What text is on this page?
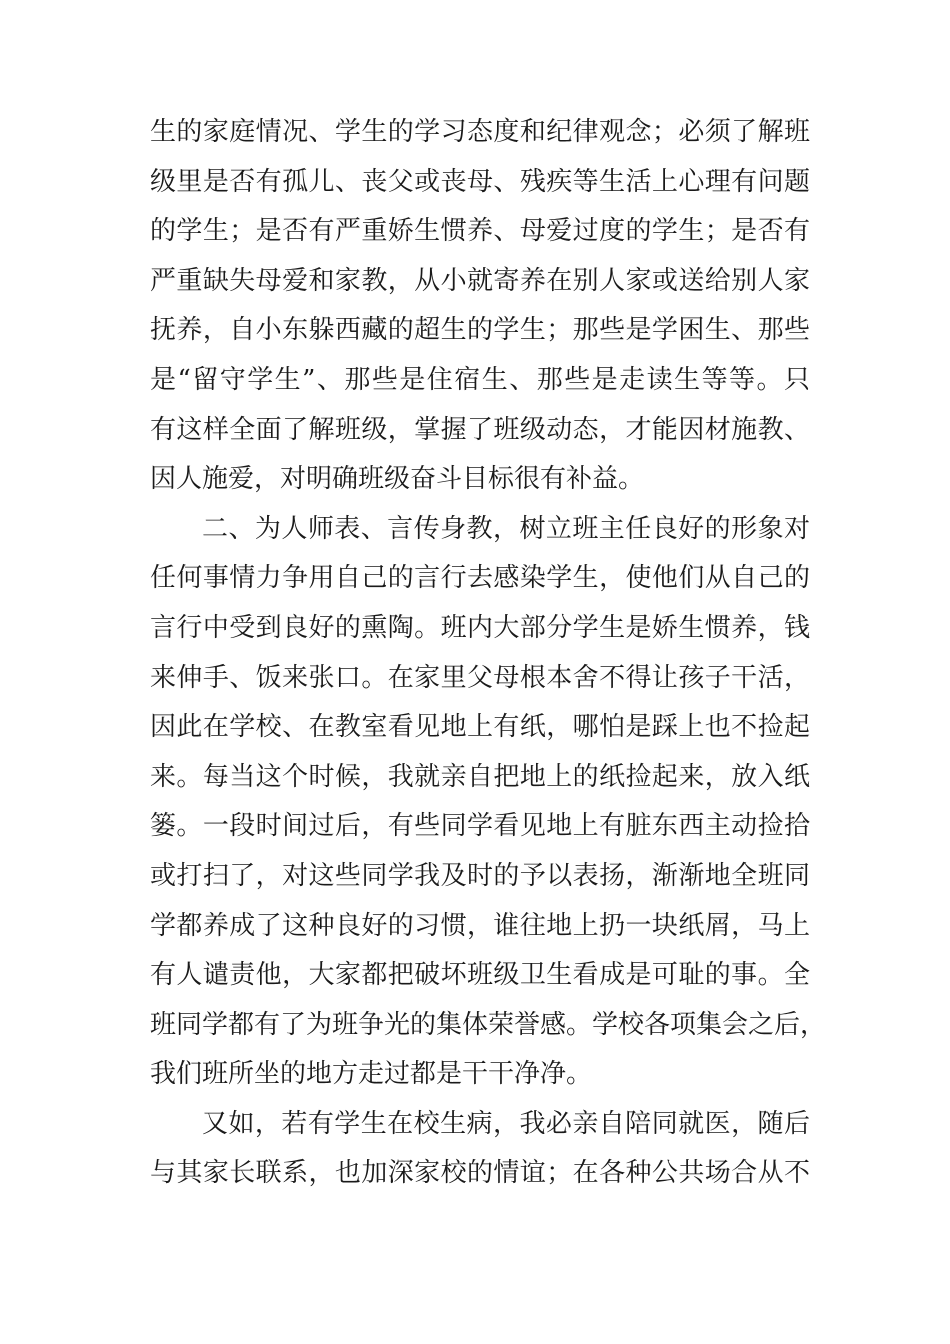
生的家庭情况、学生的学习态度和纪律观念；必须了解班
级里是否有孤儿、丧父或丧母、残疾等生活上心理有问题
的学生；是否有严重娇生惯养、母爱过度的学生；是否有
严重缺失母爱和家教，从小就寄养在别人家或送给别人家
抚养，自小东躲西藏的超生的学生；那些是学困生、那些
是“留守学生”、那些是住宿生、那些是走读生等等。只
有这样全面了解班级，掌握了班级动态，才能因材施教、
因人施爱，对明确班级奋斗目标很有补益。
二、为人师表、言传身教，树立班主任良好的形象对
任何事情力争用自己的言行去感染学生，使他们从自己的
言行中受到良好的熏陶。班内大部分学生是娇生惯养，钱
来伸手、饭来张口。在家里父母根本舍不得让孩子干活，
因此在学校、在教室看见地上有纸，哪怕是踩上也不捡起
来。每当这个时候，我就亲自把地上的纸捡起来，放入纸
篓。一段时间过后，有些同学看见地上有脏东西主动捡拾
或打扫了，对这些同学我及时的予以表扬，渐渐地全班同
学都养成了这种良好的习惯，谁往地上扔一块纸屑，马上
有人谴责他，大家都把破坏班级卫生看成是可耻的事。全
班同学都有了为班争光的集体荣誉感。学校各项集会之后，
我们班所坐的地方走过都是干干净净。
又如，若有学生在校生病，我必亲自陪同就医，随后
与其家长联系，也加深家校的情谊；在各种公共场合从不
